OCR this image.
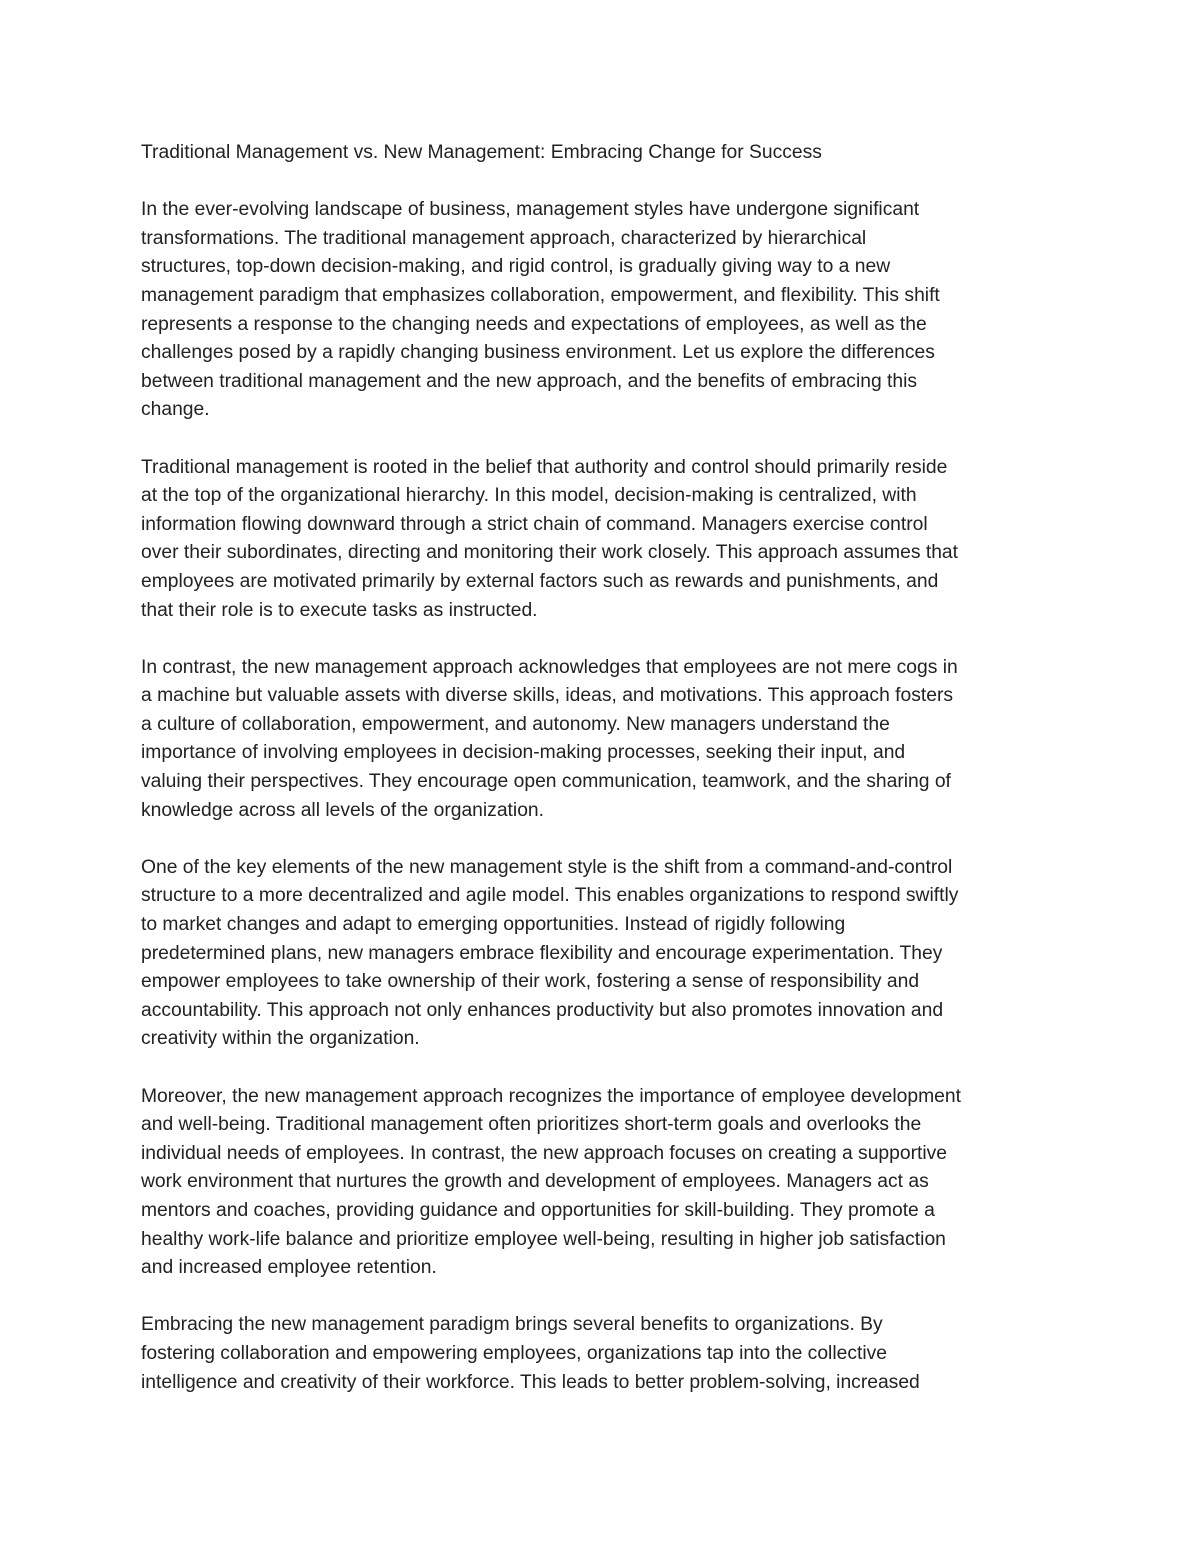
Traditional Management vs. New Management: Embracing Change for Success

In the ever-evolving landscape of business, management styles have undergone significant
transformations. The traditional management approach, characterized by hierarchical
structures, top-down decision-making, and rigid control, is gradually giving way to a new
management paradigm that emphasizes collaboration, empowerment, and flexibility. This shift
represents a response to the changing needs and expectations of employees, as well as the
challenges posed by a rapidly changing business environment. Let us explore the differences
between traditional management and the new approach, and the benefits of embracing this
change.

Traditional management is rooted in the belief that authority and control should primarily reside
at the top of the organizational hierarchy. In this model, decision-making is centralized, with
information flowing downward through a strict chain of command. Managers exercise control
over their subordinates, directing and monitoring their work closely. This approach assumes that
employees are motivated primarily by external factors such as rewards and punishments, and
that their role is to execute tasks as instructed.

In contrast, the new management approach acknowledges that employees are not mere cogs in
a machine but valuable assets with diverse skills, ideas, and motivations. This approach fosters
a culture of collaboration, empowerment, and autonomy. New managers understand the
importance of involving employees in decision-making processes, seeking their input, and
valuing their perspectives. They encourage open communication, teamwork, and the sharing of
knowledge across all levels of the organization.

One of the key elements of the new management style is the shift from a command-and-control
structure to a more decentralized and agile model. This enables organizations to respond swiftly
to market changes and adapt to emerging opportunities. Instead of rigidly following
predetermined plans, new managers embrace flexibility and encourage experimentation. They
empower employees to take ownership of their work, fostering a sense of responsibility and
accountability. This approach not only enhances productivity but also promotes innovation and
creativity within the organization.

Moreover, the new management approach recognizes the importance of employee development
and well-being. Traditional management often prioritizes short-term goals and overlooks the
individual needs of employees. In contrast, the new approach focuses on creating a supportive
work environment that nurtures the growth and development of employees. Managers act as
mentors and coaches, providing guidance and opportunities for skill-building. They promote a
healthy work-life balance and prioritize employee well-being, resulting in higher job satisfaction
and increased employee retention.

Embracing the new management paradigm brings several benefits to organizations. By
fostering collaboration and empowering employees, organizations tap into the collective
intelligence and creativity of their workforce. This leads to better problem-solving, increased
